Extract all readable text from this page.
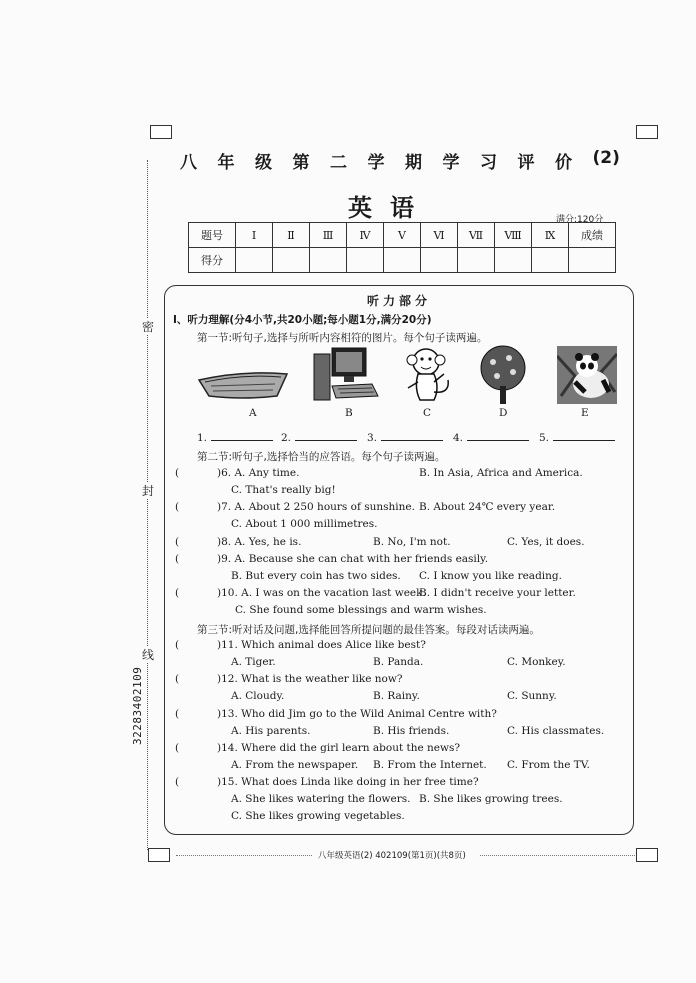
密
封
线
3228340210​9
八 年 级 第 二 学 期 学 习 评 价 (2)
英语	满分:120分
题号	Ⅰ	Ⅱ	Ⅲ	Ⅳ	Ⅴ	Ⅵ	Ⅶ	Ⅷ	Ⅸ	成绩
得分										
听力部分
Ⅰ、听力理解(分4小节,共20小题;每小题1分,满分20分)
第一节:听句子,选择与所听内容相符的图片。每个句子读两遍。
A	B	C	D	E
1.	2.	3.	4.	5.
第二节:听句子,选择恰当的应答语。每个句子读两遍。
(	)6. A. Any time.	B. In Asia, Africa and America.
C. That's really big!
(	)7. A. About 2 250 hours of sunshine. B. About 24℃ every year.
C. About 1 000 millimetres.
(	)8. A. Yes, he is.	B. No, I'm not.	C. Yes, it does.
(	)9. A. Because she can chat with her friends easily.
B. But every coin has two sides. C. I know you like reading.
(	)10. A. I was on the vacation last week.
B. I didn't receive your letter.
C. She found some blessings and warm wishes.
第三节:听对话及问题,选择能回答所提问题的最佳答案。每段对话读两遍。
(	)11. Which animal does Alice like best?
A. Tiger.	B. Panda.	C. Monkey.
(	)12. What is the weather like now?
A. Cloudy.	B. Rainy.	C. Sunny.
(	)13. Who did Jim go to the Wild Animal Centre with?
A. His parents.	B. His friends.	C. His classmates.
(	)14. Where did the girl learn about the news?
A. From the newspaper. B. From the Internet. C. From the TV.
(	)15. What does Linda like doing in her free time?
A. She likes watering the flowers. B. She likes growing trees.
C. She likes growing vegetables.
八年级英语(2) 402109(第1页)(共8页)
